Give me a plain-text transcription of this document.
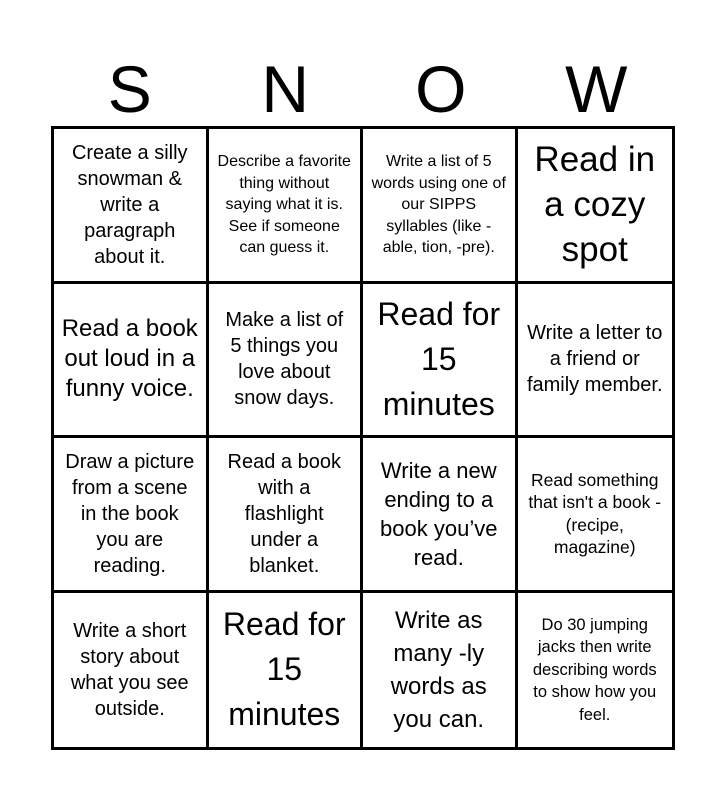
S	N	O	W
Create a silly snowman & write a paragraph about it.
Describe a favorite thing without saying what it is. See if someone can guess it.
Write a list of 5 words using one of our SIPPS syllables (like -able, tion, -pre).
Read in a cozy spot
Read a book out loud in a funny voice.
Make a list of 5 things you love about snow days.
Read for 15 minutes
Write a letter to a friend or family member.
Draw a picture from a scene in the book you are reading.
Read a book with a flashlight under a blanket.
Write a new ending to a book you’ve read.
Read something that isn't a book - (recipe, magazine)
Write a short story about what you see outside.
Read for 15 minutes
Write as many -ly words as you can.
Do 30 jumping jacks then write describing words to show how you feel.
